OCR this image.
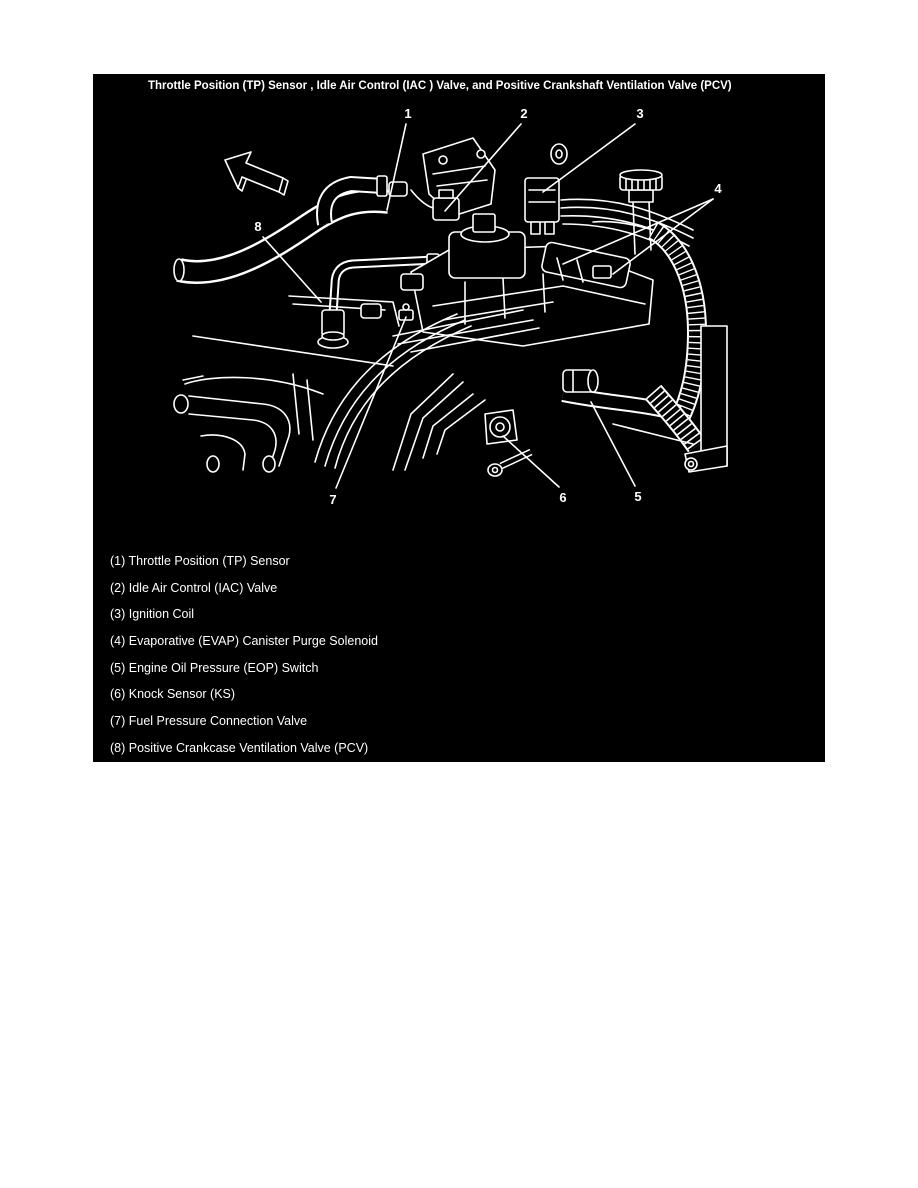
Throttle Position (TP) Sensor , Idle Air Control (IAC ) Valve, and Positive Crankshaft Ventilation Valve (PCV)
1	2	3
4
5
6
7
8
(1) Throttle Position (TP) Sensor
(2) Idle Air Control (IAC) Valve
(3) Ignition Coil
(4) Evaporative (EVAP) Canister Purge Solenoid
(5) Engine Oil Pressure (EOP) Switch
(6) Knock Sensor (KS)
(7) Fuel Pressure Connection Valve
(8) Positive Crankcase Ventilation Valve (PCV)
